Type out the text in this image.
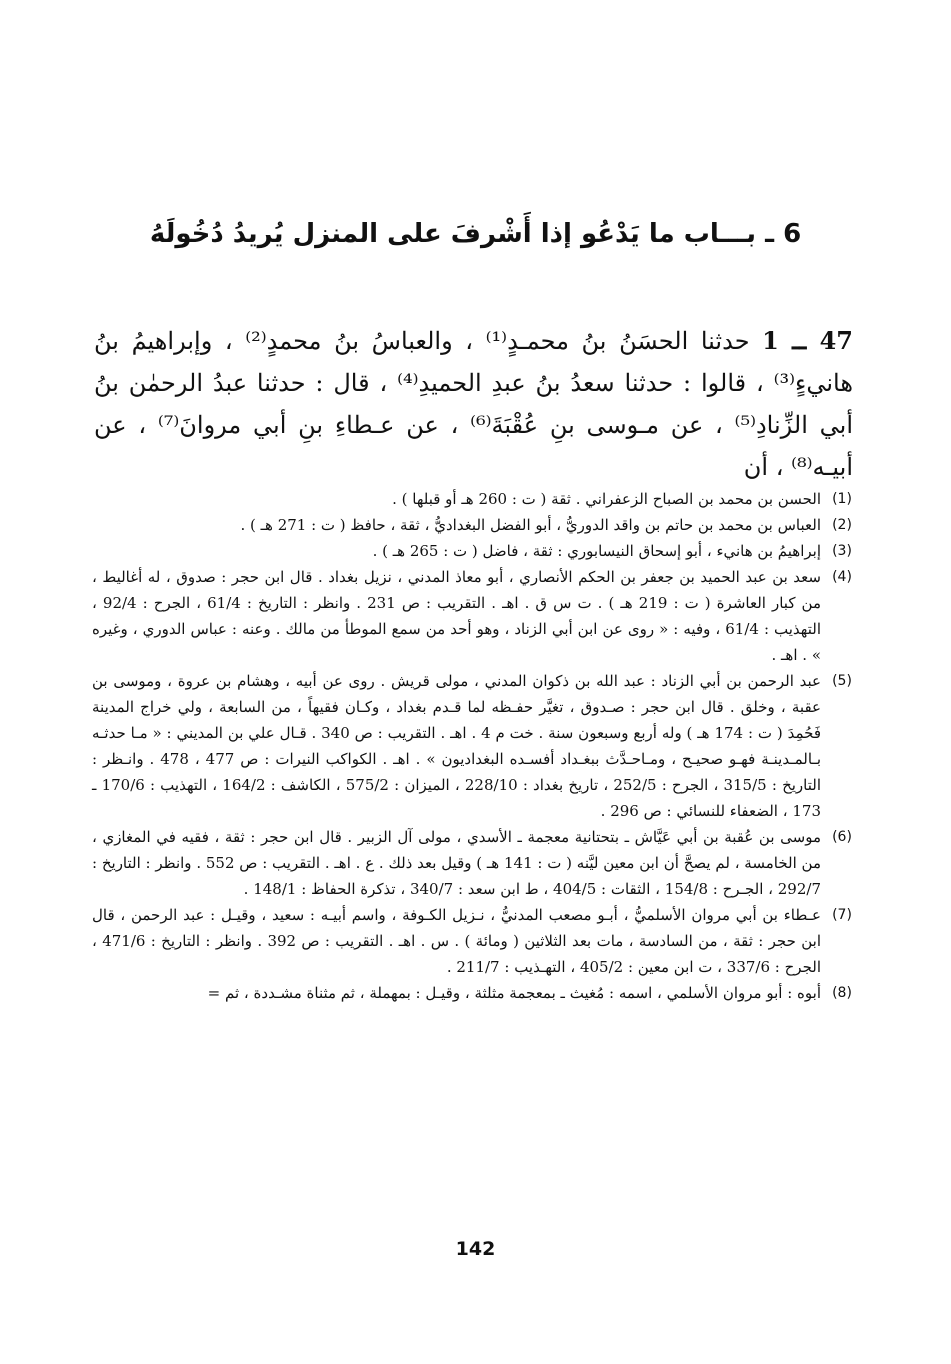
6 ـ بـــاب ما يَدْعُو إذا أَشْرفَ على المنزل يُريدُ دُخُولَهُ
47 ــ 1 حدثنا الحسَنُ بنُ محمـدٍ⁽¹⁾ ، والعباسُ بنُ محمدٍ⁽²⁾ ، وإبراهيمُ بنُ هانيءٍ⁽³⁾ ، قالوا : حدثنا سعدُ بنُ عبدِ الحميدِ⁽⁴⁾ ، قال : حدثنا عبدُ الرحمٰن بنُ أبي الزِّنادِ⁽⁵⁾ ، عن مـوسى بنِ عُقْبَةَ⁽⁶⁾ ، عن عـطاءِ بنِ أبي مروانَ⁽⁷⁾ ، عن أبيـه⁽⁸⁾ ، أن
(1)
الحسن بن محمد بن الصباح الزعفراني . ثقة ( ت : 260 هـ أو قبلها ) .
(2)
العباس بن محمد بن حاتم بن واقد الدوريُّ ، أبو الفضل البغداديُّ ، ثقة ، حافظ ( ت : 271 هـ ) .
(3)
إبراهيمُ بن هانيء ، أبو إسحاق النيسابوري : ثقة ، فاضل ( ت : 265 هـ ) .
(4)
سعد بن عبد الحميد بن جعفر بن الحكم الأنصاري ، أبو معاذ المدني ، نزيل بغداد . قال ابن حجر : صدوق ، له أغاليط ، من كبار العاشرة ( ت : 219 هـ ) . ت س ق . اهـ . التقريب : ص 231 . وانظر : التاريخ : 61/4 ، الجرح : 92/4 ، التهذيب : 61/4 ، وفيه : « روى عن ابن أبي الزناد ، وهو أحد من سمع الموطأ من مالك . وعنه : عباس الدوري ، وغيره » . اهـ .
(5)
عبد الرحمن بن أبي الزناد : عبد الله بن ذكوان المدني ، مولى قريش . روى عن أبيه ، وهشام بن عروة ، وموسى بن عقبة ، وخلق . قال ابن حجر : صـدوق ، تغيَّر حفـظه لما قـدم بغداد ، وكـان فقيهاً ، من السابعة ، ولي خراج المدينة فَحُمِدَ ( ت : 174 هـ ) وله أربع وسبعون سنة . خت م 4 . اهـ . التقريب : ص 340 . قـال علي بن المديني : « مـا حدثـه بـالمـدينـة فهـو صحيـح ، ومـاحـدَّث ببغـداد أفسـده البغداديون » . اهـ . الكواكب النيرات : ص 477 ، 478 . وانـظر : التاريخ : 315/5 ، الجرح : 252/5 ، تاريخ بغداد : 228/10 ، الميزان : 575/2 ، الكاشف : 164/2 ، التهذيب : 170/6 ـ 173 ، الضعفاء للنسائي : ص 296 .
(6)
موسى بن عُقبة بن أبي عَيَّاش ـ بتحتانية معجمة ـ الأسدي ، مولى آل الزبير . قال ابن حجر : ثقة ، فقيه في المغازي ، من الخامسة ، لم يصحَّ أن ابن معين ليَّنه ( ت : 141 هـ ) وقيل بعد ذلك . ع . اهـ . التقريب : ص 552 . وانظر : التاريخ : 292/7 ، الجـرح : 154/8 ، الثقات : 404/5 ، ط ابن سعد : 340/7 ، تذكرة الحفاظ : 148/1 .
(7)
عـطاء بن أبي مروان الأسلميُّ ، أبـو مصعب المدنيُّ ، نـزيل الكـوفة ، واسم أبيـه : سعيد ، وقيـل : عبد الرحمن ، قال ابن حجر : ثقة ، من السادسة ، مات بعد الثلاثين ( ومائة ) . س . اهـ . التقريب : ص 392 . وانظر : التاريخ : 471/6 ، الجرح : 337/6 ، ت ابن معين : 405/2 ، التهـذيب : 211/7 .
(8)
أبوه : أبو مروان الأسلمي ، اسمه : مُغيث ـ بمعجمة مثلثة ، وقيـل : بمهملة ، ثم مثناة مشـددة ، ثم =
142
